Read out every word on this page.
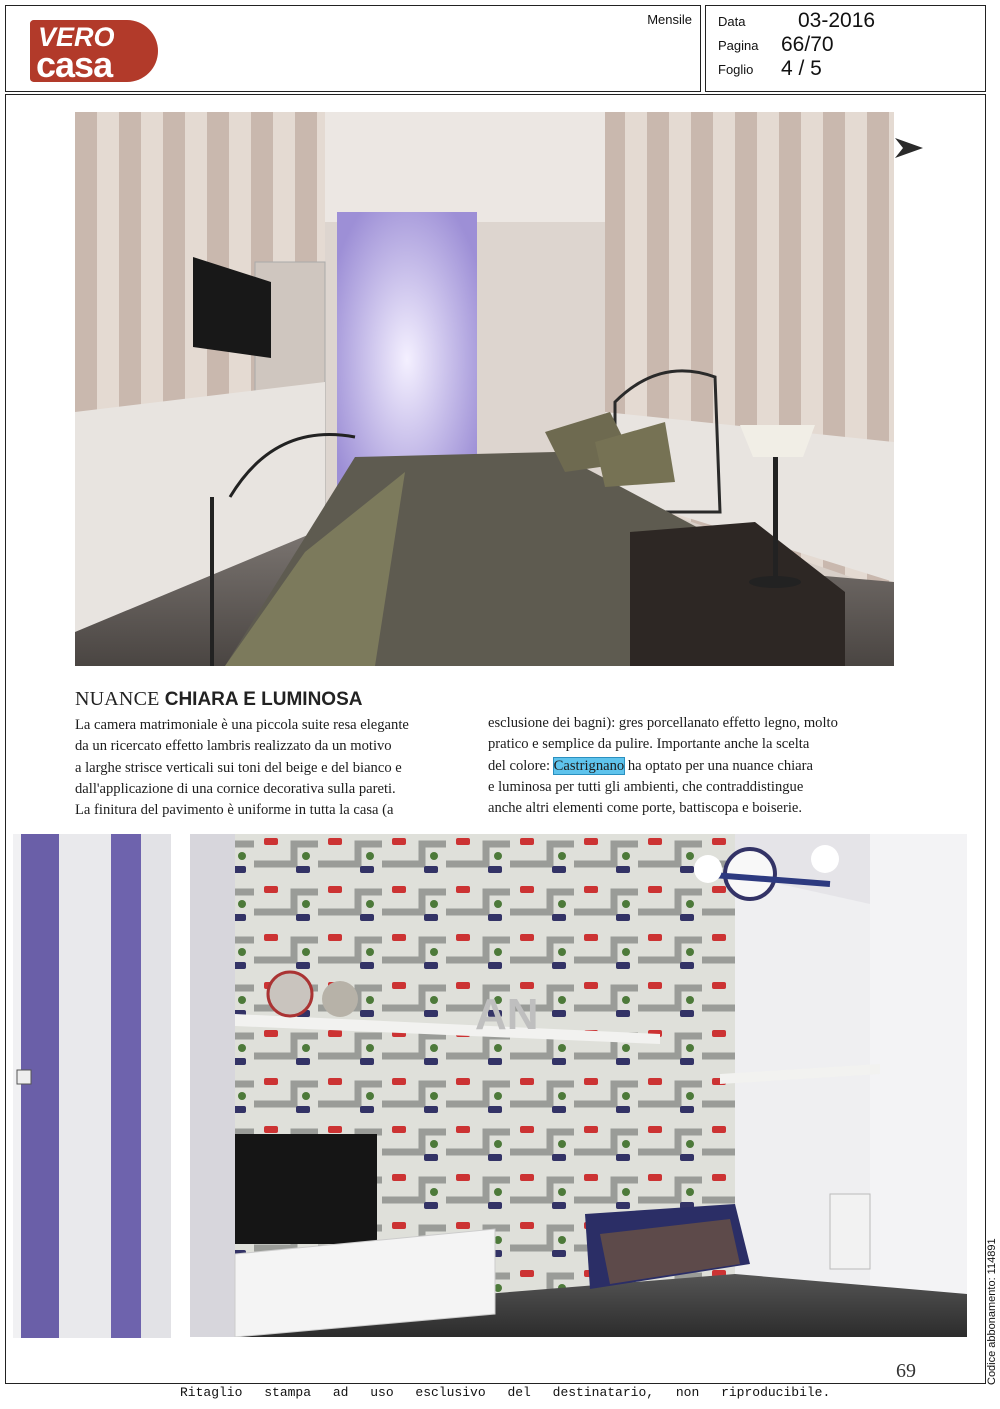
VERO
casa
Mensile Data	03-2016
Pagina 66/70
Foglio 4 / 5
NUANCE CHIARA E LUMINOSA
La camera matrimoniale è una piccola suite resa elegante
da un ricercato effetto lambris realizzato da un motivo
a larghe strisce verticali sui toni del beige e del bianco e
dall'applicazione di una cornice decorativa sulla pareti.
La finitura del pavimento è uniforme in tutta la casa (a
esclusione dei bagni): gres porcellanato effetto legno, molto
pratico e semplice da pulire. Importante anche la scelta
del colore: Castrignano ha optato per una nuance chiara
e luminosa per tutti gli ambienti, che contraddistingue
anche altri elementi come porte, battiscopa e boiserie.
AN
69	Codice abbonamento: 114891
Ritaglio stampa ad uso esclusivo del destinatario, non riproducibile.
